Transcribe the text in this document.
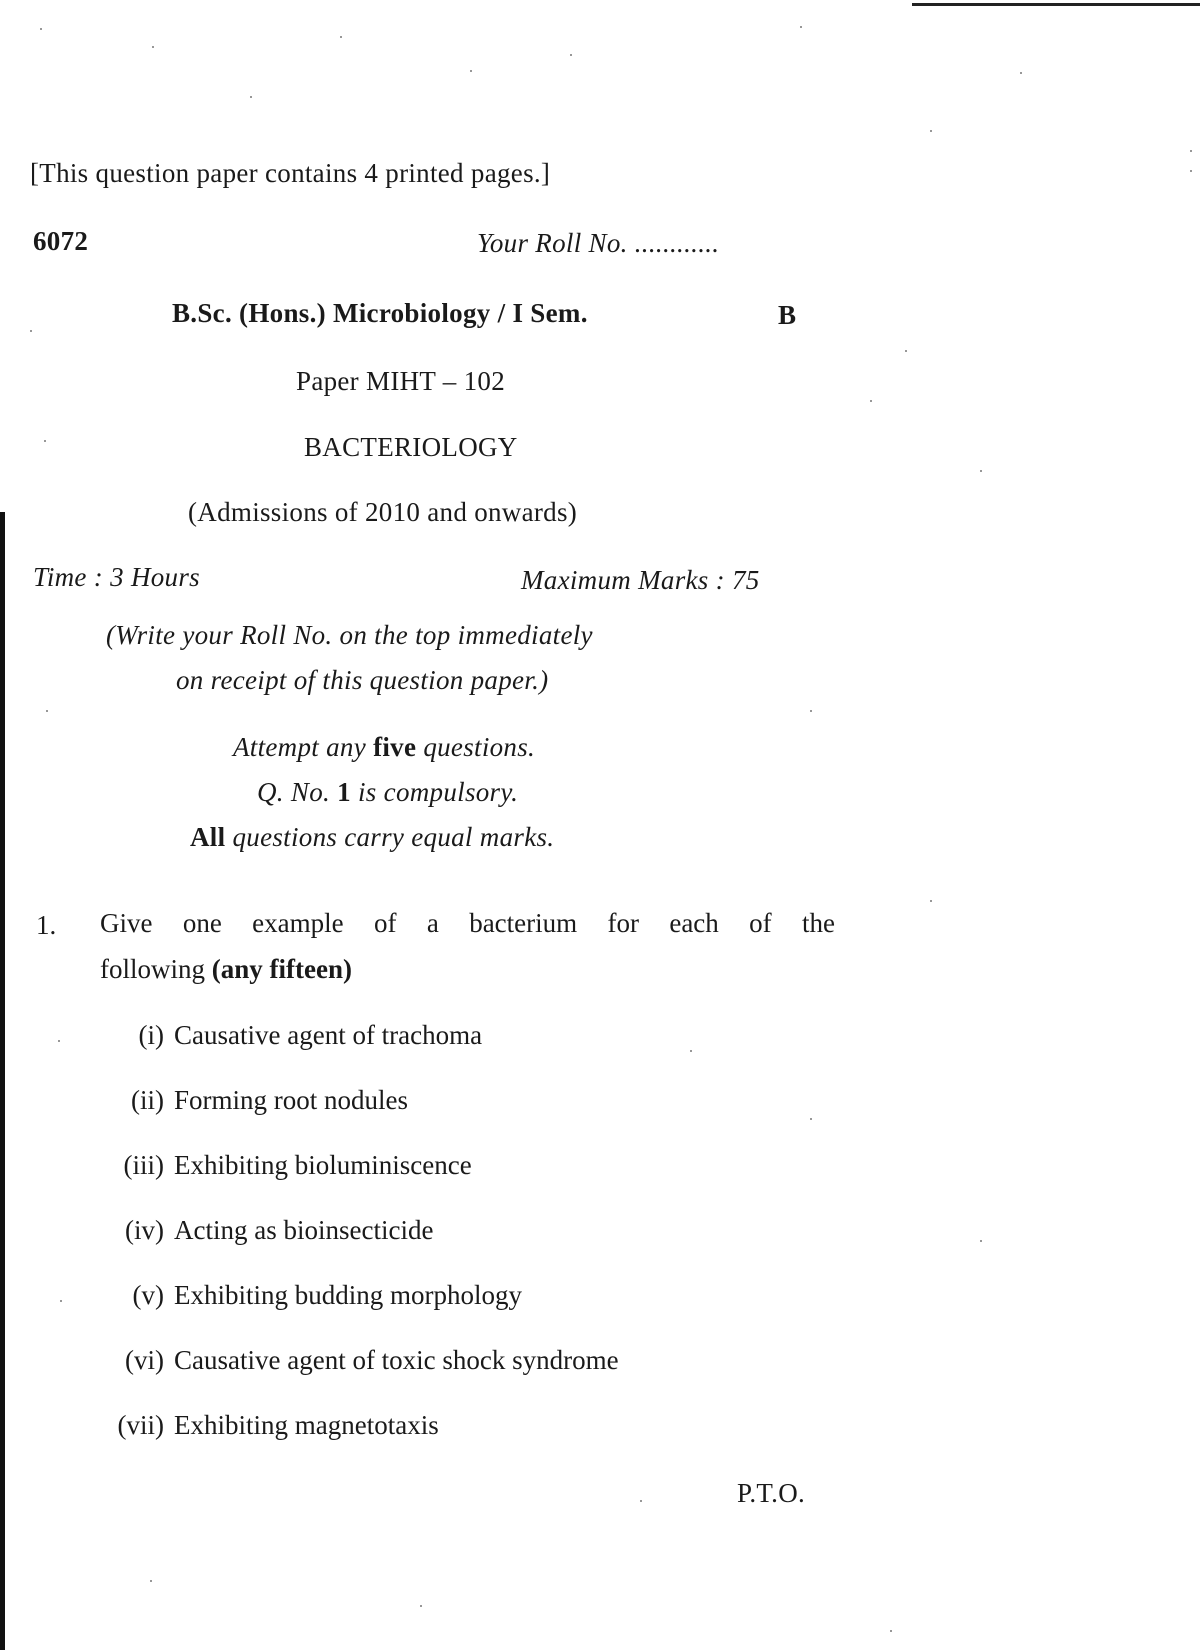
[This question paper contains 4 printed pages.]
6072	Your Roll No. ............
B.Sc. (Hons.) Microbiology / I Sem.	B
Paper MIHT – 102
BACTERIOLOGY
(Admissions of 2010 and onwards)
Time : 3 Hours	Maximum Marks : 75
(Write your Roll No. on the top immediately
on receipt of this question paper.)
Attempt any five questions.
Q. No. 1 is compulsory.
All questions carry equal marks.
1. Give one example of a bacterium for each of the
following (any fifteen)
(i) Causative agent of trachoma
(ii) Forming root nodules
(iii) Exhibiting bioluminiscence
(iv) Acting as bioinsecticide
(v) Exhibiting budding morphology
(vi) Causative agent of toxic shock syndrome
(vii) Exhibiting magnetotaxis
P.T.O.
